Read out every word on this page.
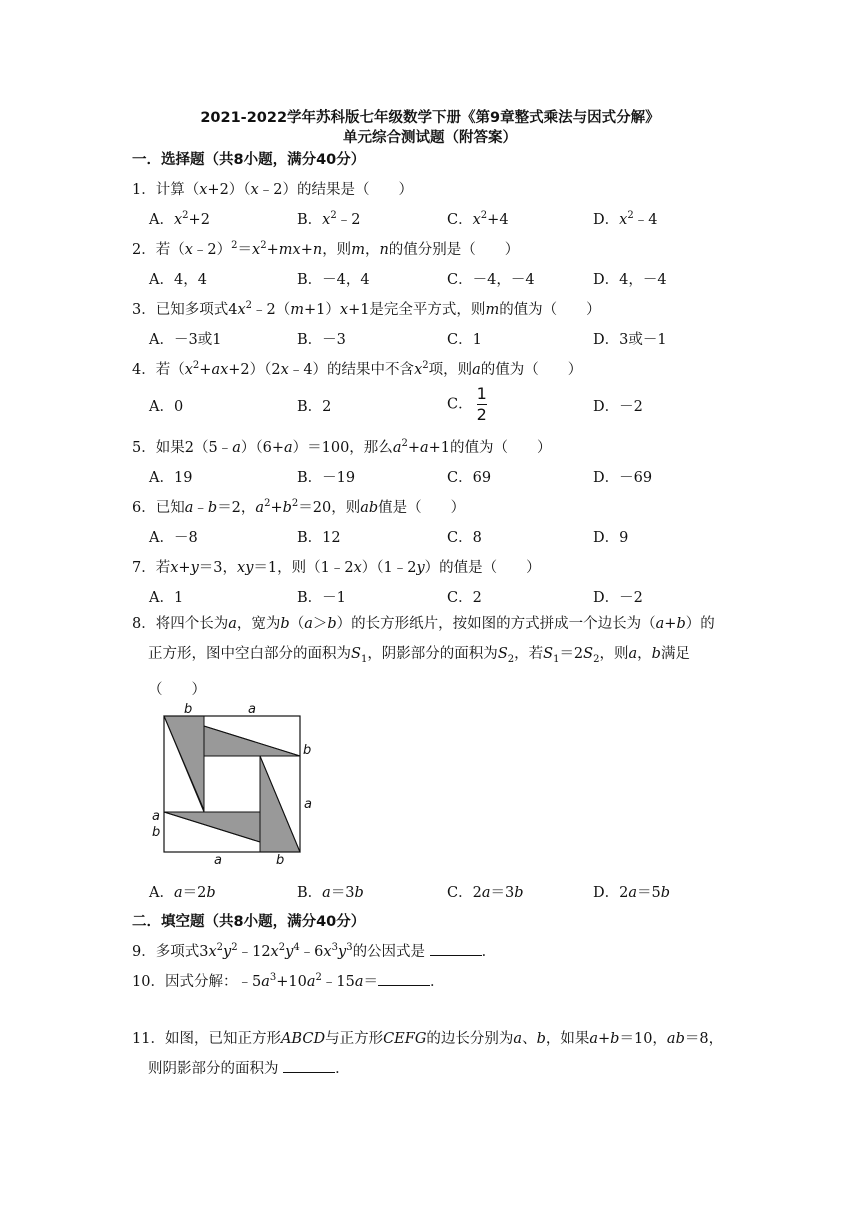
2021-2022学年苏科版七年级数学下册《第9章整式乘法与因式分解》
单元综合测试题（附答案）
一．选择题（共8小题，满分40分）
1．计算（x+2）（x﹣2）的结果是（　　）
A．$x^2+2$	B．$x^2﹣2$	C．$x^2+4$	D．$x^2﹣4$
2．若$(x﹣2)^2=x^2+mx+n$，则m，n的值分别是（　　）
A．4，4	B．－4，4	C．－4，－4	D．4，－4
3．已知多项式$4x^2﹣2(m+1)x+1$是完全平方式，则m的值为（　　）
A．－3或1	B．－3	C．1	D．3或－1
4．若$(x^2+ax+2)(2x﹣4)$的结果中不含$x^2$项，则a的值为（　　）
A．0	B．2	C． $\frac{1}{2}$	D．－2
5．如果2（5﹣a）（6+a）＝100，那么$a^2+a+1$的值为（　　）
A．19	B．－19	C．69	D．－69
6．已知a﹣b＝2，$a^2+b^2=20$，则ab值是（　　）
A．－8	B．12	C．8	D．9
7．若x+y＝3，xy＝1，则（1﹣2x）（1﹣2y）的值是（　　）
A．1	B．－1	C．2	D．－2
8．将四个长为a，宽为b（a＞b）的长方形纸片，按如图的方式拼成一个边长为（a+b）的
正方形，图中空白部分的面积为$S_1$，阴影部分的面积为$S_2$，若$S_1=2S_2$，则a，b满足
（　　）
b	a
b
a
a
b
a	b
A．a＝2b	B．a＝3b	C．2a＝3b	D．2a＝5b
二．填空题（共8小题，满分40分）
9．多项式$3x^2y^2﹣12x^2y^4﹣6x^3y^3$的公因式是	．
10．因式分解：$﹣5a^3+10a^2﹣15a=$	．
11．如图，已知正方形ABCD与正方形CEFG的边长分别为a、b，如果a+b＝10，ab＝8，
则阴影部分的面积为	．
